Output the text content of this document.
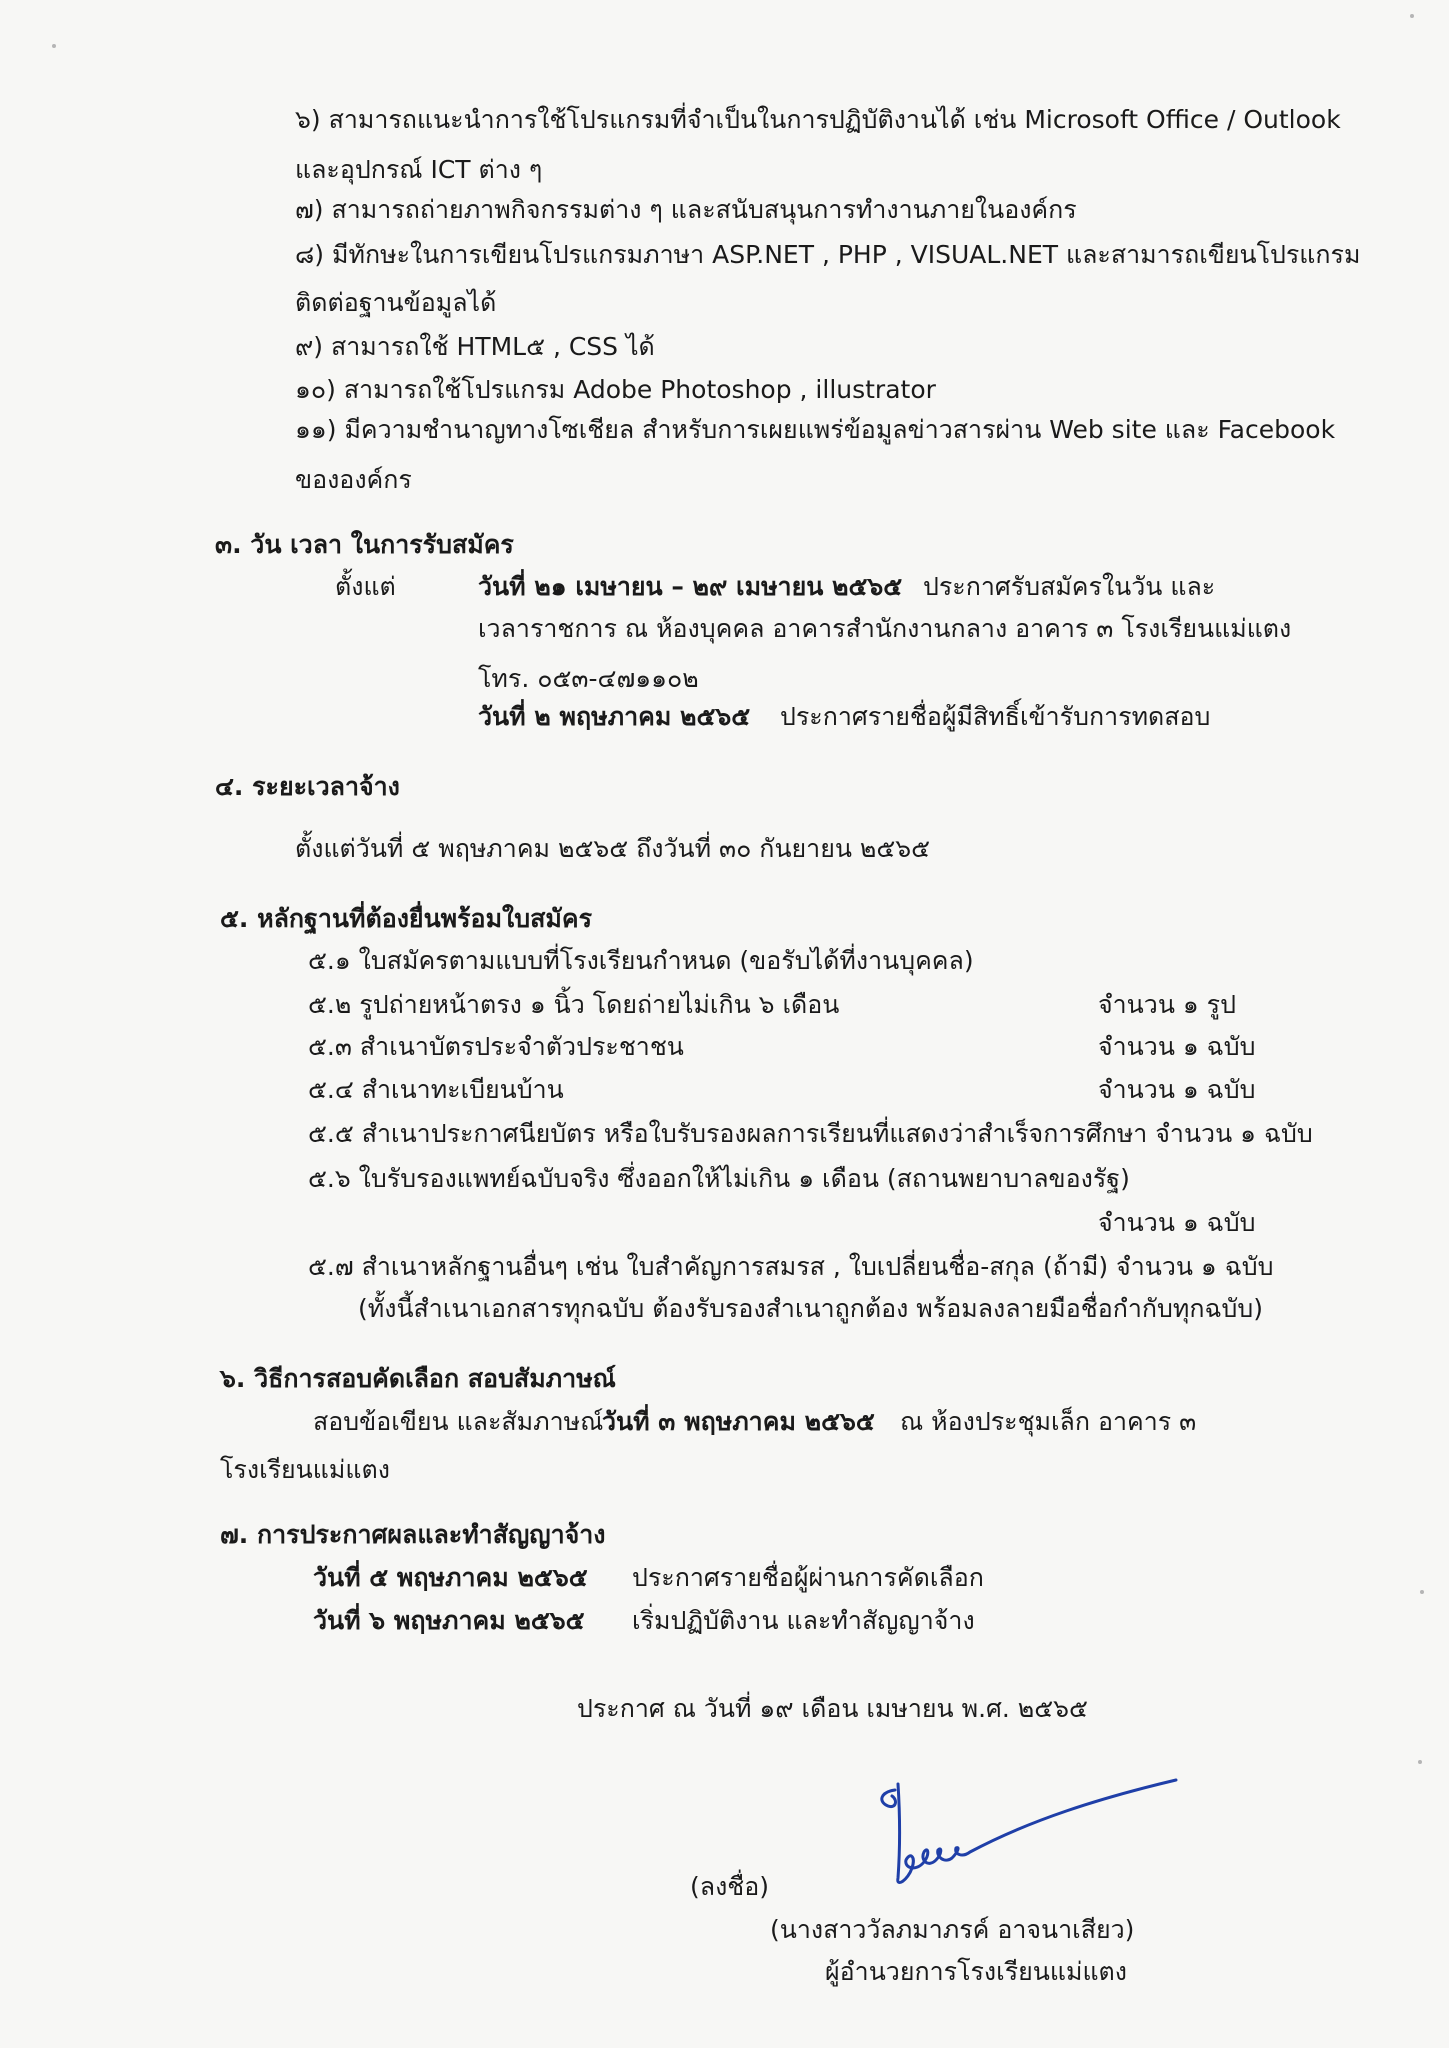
๖) สามารถแนะนำการใช้โปรแกรมที่จำเป็นในการปฏิบัติงานได้ เช่น Microsoft Office / Outlook
และอุปกรณ์ ICT ต่าง ๆ
๗) สามารถถ่ายภาพกิจกรรมต่าง ๆ และสนับสนุนการทำงานภายในองค์กร
๘) มีทักษะในการเขียนโปรแกรมภาษา ASP.NET , PHP , VISUAL.NET และสามารถเขียนโปรแกรม
ติดต่อฐานข้อมูลได้
๙) สามารถใช้ HTML๕ , CSS ได้
๑๐) สามารถใช้โปรแกรม Adobe Photoshop , illustrator
๑๑) มีความชำนาญทางโซเชียล สำหรับการเผยแพร่ข้อมูลข่าวสารผ่าน Web site และ Facebook
ขององค์กร
๓. วัน เวลา ในการรับสมัคร
ตั้งแต่	วันที่ ๒๑ เมษายน – ๒๙ เมษายน ๒๕๖๕ ประกาศรับสมัครในวัน และ
เวลาราชการ ณ ห้องบุคคล อาคารสำนักงานกลาง อาคาร ๓ โรงเรียนแม่แตง
โทร. ๐๕๓-๔๗๑๑๐๒
วันที่ ๒ พฤษภาคม ๒๕๖๕ ประกาศรายชื่อผู้มีสิทธิ์เข้ารับการทดสอบ
๔. ระยะเวลาจ้าง
ตั้งแต่วันที่ ๕ พฤษภาคม ๒๕๖๕ ถึงวันที่ ๓๐ กันยายน ๒๕๖๕
๕. หลักฐานที่ต้องยื่นพร้อมใบสมัคร
๕.๑ ใบสมัครตามแบบที่โรงเรียนกำหนด (ขอรับได้ที่งานบุคคล)
๕.๒ รูปถ่ายหน้าตรง ๑ นิ้ว โดยถ่ายไม่เกิน ๖ เดือน	จำนวน ๑ รูป
๕.๓ สำเนาบัตรประจำตัวประชาชน	จำนวน ๑ ฉบับ
๕.๔ สำเนาทะเบียนบ้าน	จำนวน ๑ ฉบับ
๕.๕ สำเนาประกาศนียบัตร หรือใบรับรองผลการเรียนที่แสดงว่าสำเร็จการศึกษา จำนวน ๑ ฉบับ
๕.๖ ใบรับรองแพทย์ฉบับจริง ซึ่งออกให้ไม่เกิน ๑ เดือน (สถานพยาบาลของรัฐ)
จำนวน ๑ ฉบับ
๕.๗ สำเนาหลักฐานอื่นๆ เช่น ใบสำคัญการสมรส , ใบเปลี่ยนชื่อ-สกุล (ถ้ามี) จำนวน ๑ ฉบับ
(ทั้งนี้สำเนาเอกสารทุกฉบับ ต้องรับรองสำเนาถูกต้อง พร้อมลงลายมือชื่อกำกับทุกฉบับ)
๖. วิธีการสอบคัดเลือก สอบสัมภาษณ์
สอบข้อเขียน และสัมภาษณ์
วันที่ ๓ พฤษภาคม ๒๕๖๕ ณ ห้องประชุมเล็ก อาคาร ๓
โรงเรียนแม่แตง
๗. การประกาศผลและทำสัญญาจ้าง
วันที่ ๕ พฤษภาคม ๒๕๖๕ ประกาศรายชื่อผู้ผ่านการคัดเลือก
วันที่ ๖ พฤษภาคม ๒๕๖๕ เริ่มปฏิบัติงาน และทำสัญญาจ้าง
ประกาศ ณ วันที่ ๑๙ เดือน เมษายน พ.ศ. ๒๕๖๕
(ลงชื่อ)
(นางสาววัลภมาภรค์ อาจนาเสียว)
ผู้อำนวยการโรงเรียนแม่แตง
